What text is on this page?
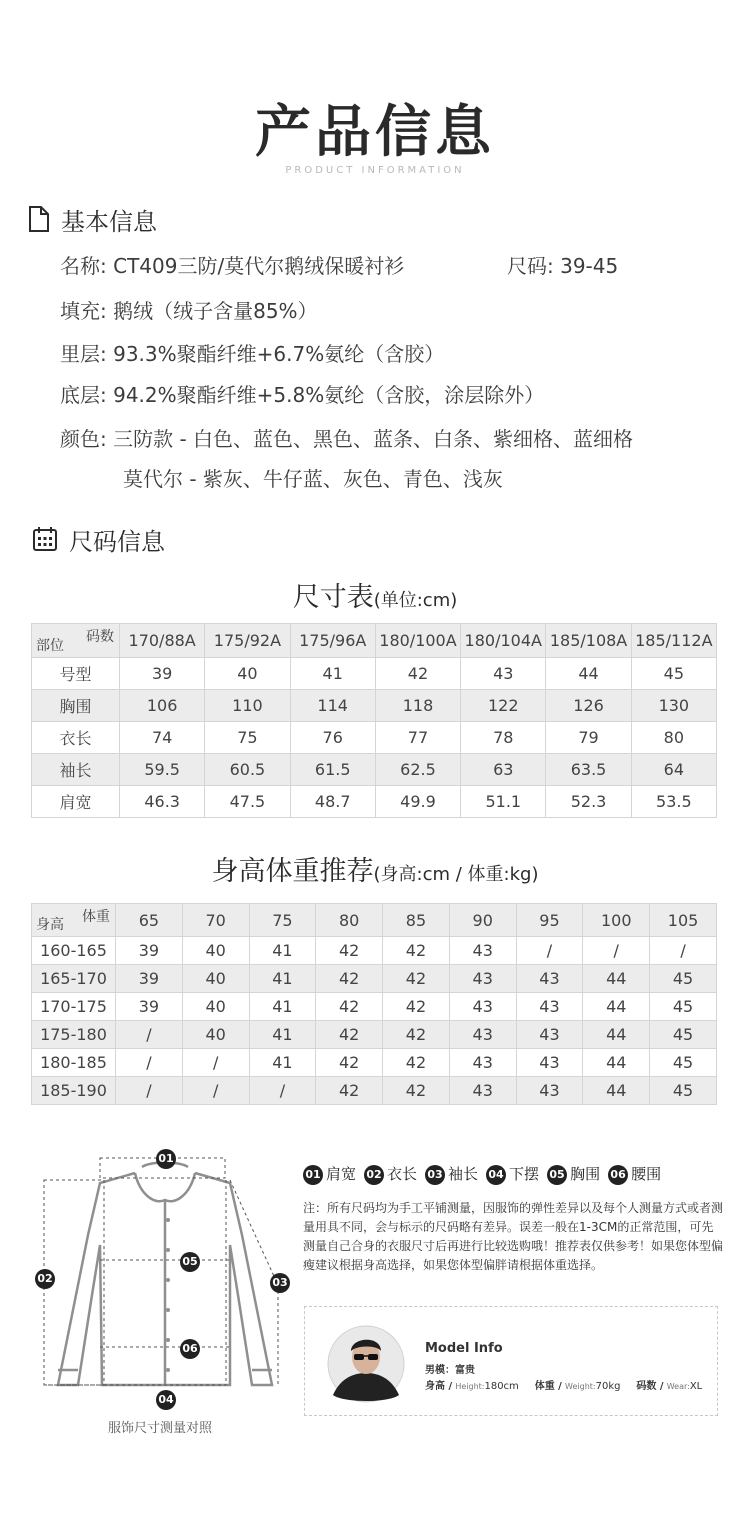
产品信息
PRODUCT INFORMATION
基本信息
名称: CT409三防/莫代尔鹅绒保暖衬衫	尺码: 39-45
填充: 鹅绒（绒子含量85%）
里层: 93.3%聚酯纤维+6.7%氨纶（含胶）
底层: 94.2%聚酯纤维+5.8%氨纶（含胶，涂层除外）
颜色: 三防款 - 白色、蓝色、黑色、蓝条、白条、紫细格、蓝细格
莫代尔 - 紫灰、牛仔蓝、灰色、青色、浅灰
尺码信息
尺寸表(单位:cm)
码数
部位	170/88A	175/92A	175/96A	180/100A	180/104A	185/108A	185/112A
号型	39	40	41	42	43	44	45
胸围	106	110	114	118	122	126	130
衣长	74	75	76	77	78	79	80
袖长	59.5	60.5	61.5	62.5	63	63.5	64
肩宽	46.3	47.5	48.7	49.9	51.1	52.3	53.5
身高体重推荐(身高:cm / 体重:kg)
体重
身高	65	70	75	80	85	90	95	100	105
160-165	39	40	41	42	42	43	/	/	/
165-170	39	40	41	42	42	43	43	44	45
170-175	39	40	41	42	42	43	43	44	45
175-180	/	40	41	42	42	43	43	44	45
180-185	/	/	41	42	42	43	43	44	45
185-190	/	/	/	42	42	43	43	44	45
01
02	03
04
05
06
服饰尺寸测量对照
01 肩宽 02 衣长 03 袖长 04 下摆 05 胸围 06 腰围
注：所有尺码均为手工平铺测量，因服饰的弹性差异以及每个人测量方式或者测量用具不同，会与标示的尺码略有差异。误差一般在1-3CM的正常范围，可先测量自己合身的衣服尺寸后再进行比较选购哦！推荐表仅供参考！如果您体型偏瘦建议根据身高选择，如果您体型偏胖请根据体重选择。
Model Info
男模：富贵
身高 / Height:180cm 体重 / Weight:70kg 码数 / Wear:XL
